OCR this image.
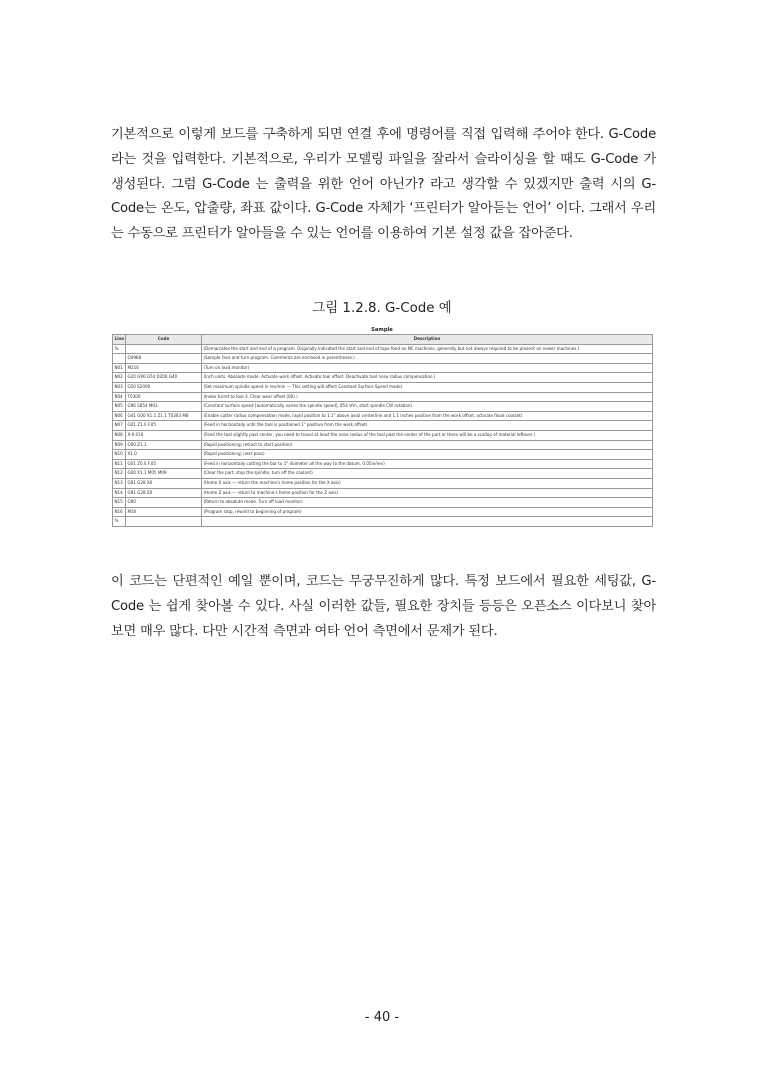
기본적으로 이렇게 보드를 구축하게 되면 연결 후에 명령어를 직접 입력해 주어야 한다. G-Code 라는 것을 입력한다. 기본적으로, 우리가 모델링 파일을 잘라서 슬라이싱을 할 때도 G-Code 가 생성된다. 그럼 G-Code 는 출력을 위한 언어 아닌가? 라고 생각할 수 있겠지만 출력 시의 G-Code는 온도, 압출량, 좌표 값이다. G-Code 자체가 ‘프린터가 알아듣는 언어’ 이다. 그래서 우리는 수동으로 프린터가 알아들을 수 있는 언어를 이용하여 기본 설정 값을 잡아준다.

그림 1.2.8. G-Code 예
Sample
Line	Code	Description
%		(Demarcates the start and end of a program. Originally indicated the start and end of tape feed on NC machines, generally but not always required to be present on newer machines.)
	O4968	(Sample face and turn program. Comments are enclosed in parentheses.)
N01	M216	(Turn on load monitor)
N02	G20 G90 G54 D200 G40	(Inch units. Absolute mode. Activate work offset. Activate tool offset. Deactivate tool nose radius compensation.)
N03	G50 S2000	(Set maximum spindle speed in rev/min — This setting will affect Constant Surface Speed mode)
N04	T0300	(Index turret to tool 3. Clear wear offset (00).)
N05	G96 S854 M03	(Constant surface speed [automatically varies the spindle speed], 854 sfm, start spindle CW rotation)
N06	G41 G00 X1.1 Z1.1 T0303 M8	(Enable cutter radius compensation mode, rapid position to 1.1" above axial centerline and 1.1 inches positive from the work offset, activate flood coolant)
N07	G01 Z1.0 F.05	(Feed in horizontally until the tool is positioned 1" positive from the work offset)
N08	X-0.016	(Feed the tool slightly past center, you need to travel at least the nose radius of the tool past the center of the part or there will be a scallop of material leftover.)
N09	G00 Z1.1	(Rapid positioning; retract to start position)
N10	X1.0	(Rapid positioning; next pass)
N11	G01 Z0.0 F.05	(Feed in horizontally cutting the bar to 1" diameter all the way to the datum, 0.05in/rev)
N12	G00 X1.1 M05 M09	(Clear the part, stop the spindle, turn off the coolant)
N13	G91 G28 X0	(Home X axis — return the machine's home position for the X axis)
N14	G91 G28 Z0	(Home Z axis — return to machine's home position for the Z axis)
N15	G90	(Return to absolute mode. Turn off load monitor)
N16	M30	(Program stop, rewind to beginning of program)
%		

이 코드는 단편적인 예일 뿐이며, 코드는 무궁무진하게 많다. 특정 보드에서 필요한 세팅값, G-Code 는 쉽게 찾아볼 수 있다. 사실 이러한 값들, 필요한 장치들 등등은 오픈소스 이다보니 찾아보면 매우 많다. 다만 시간적 측면과 여타 언어 측면에서 문제가 된다.

- 40 -
